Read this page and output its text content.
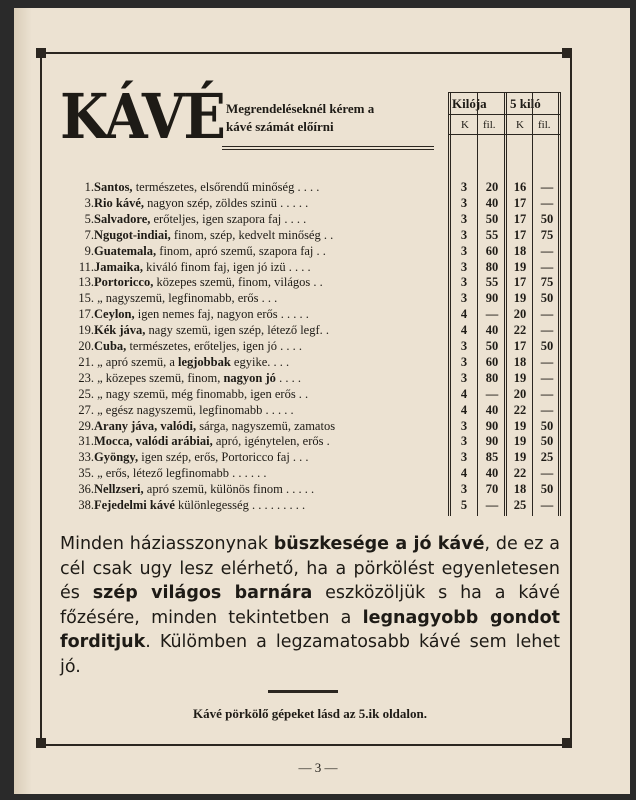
KÁVÉ Megrendeléseknél kérem a
kávé számát előírni
Kilója 5 kiló
K fil. K fil.
1.Santos, természetes, elsőrendű minőség . . . .	3	20	16	—
3.Rio kávé, nagyon szép, zöldes szinü . . . . .	3	40	17	—
5.Salvadore, erőteljes, igen szapora faj . . . .	3	50	17	50
7.Ngugot-indiai, finom, szép, kedvelt minőség . .	3	55	17	75
9.Guatemala, finom, apró szemű, szapora faj . .	3	60	18	—
11.Jamaika, kiváló finom faj, igen jó izü . . . .	3	80	19	—
13.Portoricco, közepes szemü, finom, világos . .	3	55	17	75
15. „ nagyszemü, legfinomabb, erős . . .	3	90	19	50
17.Ceylon, igen nemes faj, nagyon erős . . . . .	4	—	20	—
19.Kék jáva, nagy szemü, igen szép, létező legf. .	4	40	22	—
20.Cuba, természetes, erőteljes, igen jó . . . .	3	50	17	50
21. „ apró szemü, a legjobbak egyike. . . .	3	60	18	—
23. „ közepes szemü, finom, nagyon jó . . . .	3	80	19	—
25. „ nagy szemü, még finomabb, igen erős . .	4	—	20	—
27. „ egész nagyszemü, legfinomabb . . . . .	4	40	22	—
29.Arany jáva, valódi, sárga, nagyszemü, zamatos	3	90	19	50
31.Mocca, valódi arábiai, apró, igénytelen, erős .	3	90	19	50
33.Gyöngy, igen szép, erős, Portoricco faj . . .	3	85	19	25
35. „ erős, létező legfinomabb . . . . . .	4	40	22	—
36.Nellzseri, apró szemü, különös finom . . . . .	3	70	18	50
38.Fejedelmi kávé különlegesség . . . . . . . . .	5	—	25	—
Minden háziasszonynak büszkesége a jó kávé, de ez a cél csak ugy lesz elérhető, ha a pörkölést egyenletesen és szép világos barnára eszközöljük s ha a kávé főzésére, minden tekintetben a legnagyobb gondot forditjuk. Külömben a legzamatosabb kávé sem lehet jó.
Kávé pörkölő gépeket lásd az 5.ik oldalon.
— 3 —
